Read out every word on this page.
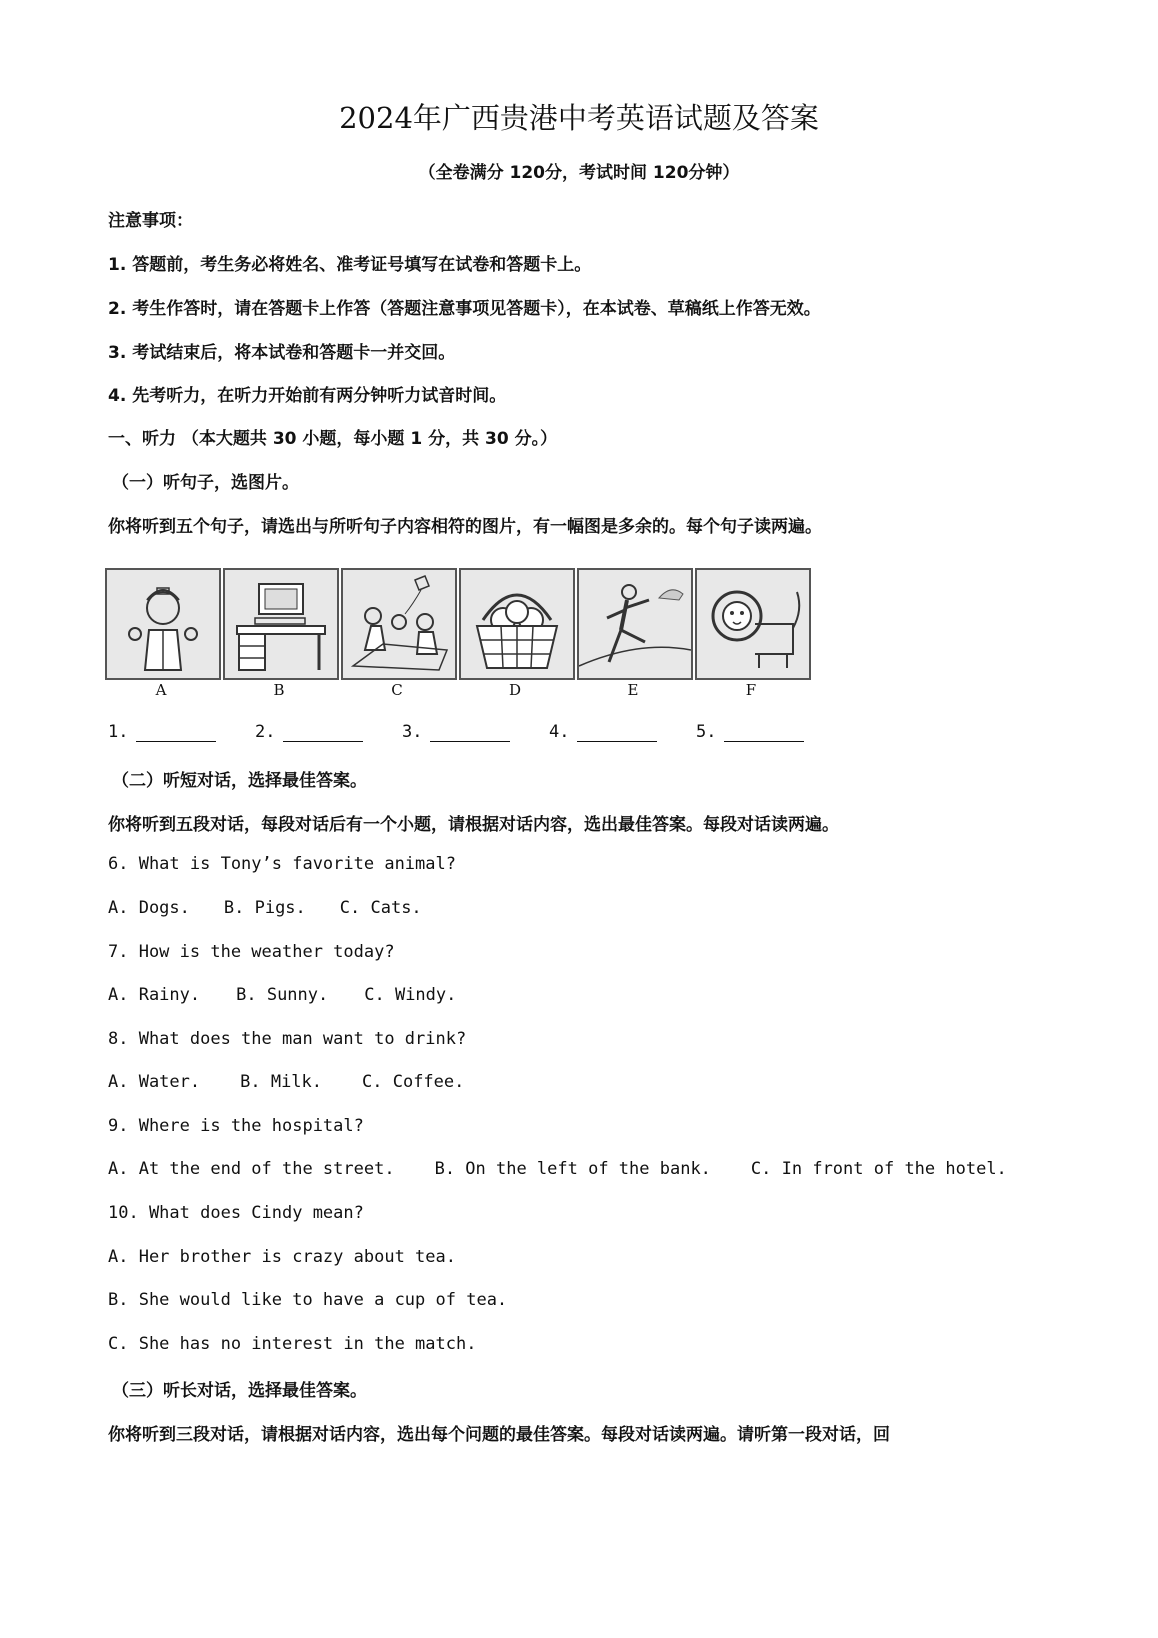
2024年广西贵港中考英语试题及答案
（全卷满分 120分，考试时间 120分钟）
注意事项：
1. 答题前，考生务必将姓名、准考证号填写在试卷和答题卡上。
2. 考生作答时，请在答题卡上作答（答题注意事项见答题卡），在本试卷、草稿纸上作答无效。
3. 考试结束后，将本试卷和答题卡一并交回。
4. 先考听力，在听力开始前有两分钟听力试音时间。
一、听力 （本大题共 30 小题，每小题 1 分，共 30 分。）
（一）听句子，选图片。
你将听到五个句子，请选出与所听句子内容相符的图片，有一幅图是多余的。每个句子读两遍。
A	B	C	D	E	F
1.	2.	3.	4.	5.
（二）听短对话，选择最佳答案。
你将听到五段对话，每段对话后有一个小题，请根据对话内容，选出最佳答案。每段对话读两遍。
6. What is Tony’s favorite animal?
A. Dogs. B. Pigs. C. Cats.
7. How is the weather today?
A. Rainy. B. Sunny. C. Windy.
8. What does the man want to drink?
A. Water. B. Milk. C. Coffee.
9. Where is the hospital?
A. At the end of the street. B. On the left of the bank. C. In front of the hotel.
10. What does Cindy mean?
A. Her brother is crazy about tea.
B. She would like to have a cup of tea.
C. She has no interest in the match.
（三）听长对话，选择最佳答案。
你将听到三段对话，请根据对话内容，选出每个问题的最佳答案。每段对话读两遍。请听第一段对话，回
